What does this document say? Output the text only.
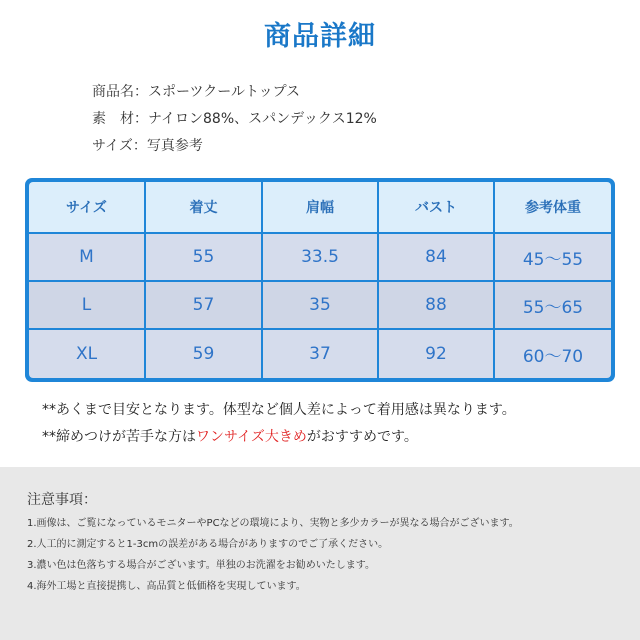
商品詳細
商品名：スポーツクールトップス
素　材：ナイロン88%、スパンデックス12%
サイズ：写真参考
サイズ	着丈	肩幅	バスト	参考体重
M	55	33.5	84	45～55
L	57	35	88	55～65
XL	59	37	92	60～70
**あくまで目安となります。体型など個人差によって着用感は異なります。
**締めつけが苦手な方はワンサイズ大きめがおすすめです。
注意事項：
1.画像は、ご覧になっているモニターやPCなどの環境により、実物と多少カラーが異なる場合がございます。
2.人工的に測定すると1-3cmの誤差がある場合がありますのでご了承ください。
3.濃い色は色落ちする場合がございます。単独のお洗濯をお勧めいたします。
4.海外工場と直接提携し、高品質と低価格を実現しています。
